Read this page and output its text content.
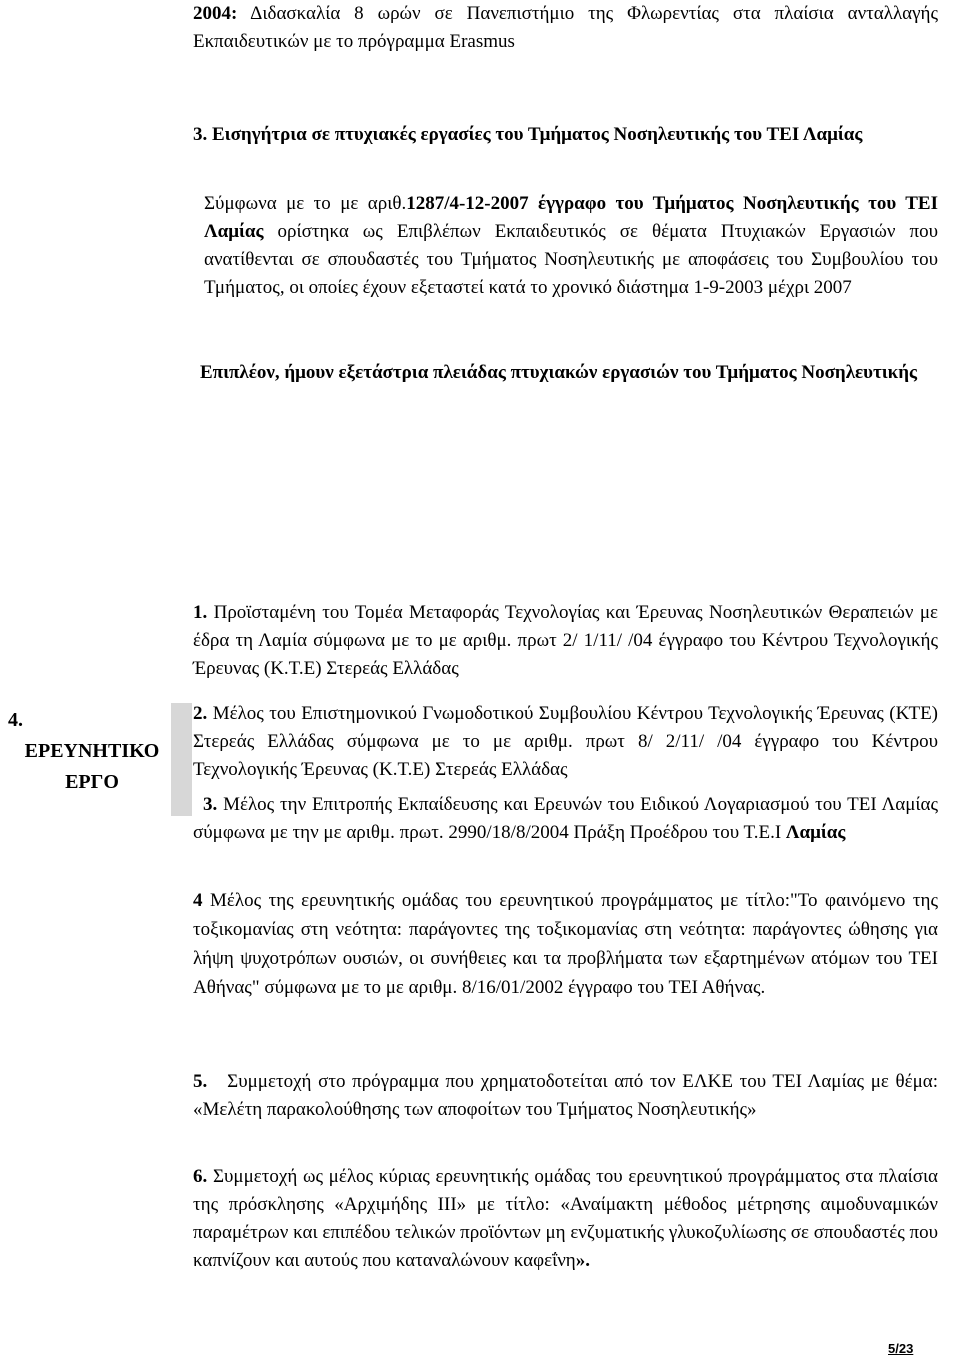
2004: Διδασκαλία 8 ωρών σε Πανεπιστήμιο της Φλωρεντίας στα πλαίσια ανταλλαγής Εκπαιδευτικών με το πρόγραμμα Erasmus
3. Εισηγήτρια σε πτυχιακές εργασίες του Τμήματος Νοσηλευτικής του ΤΕΙ Λαμίας
Σύμφωνα με το με αριθ.1287/4-12-2007 έγγραφο του Τμήματος Νοσηλευτικής του ΤΕΙ Λαμίας ορίστηκα ως Επιβλέπων Εκπαιδευτικός σε θέματα Πτυχιακών Εργασιών που ανατίθενται σε σπουδαστές του Τμήματος Νοσηλευτικής με αποφάσεις του Συμβουλίου του Τμήματος, οι οποίες έχουν εξεταστεί κατά το χρονικό διάστημα 1-9-2003 μέχρι 2007
Επιπλέον, ήμουν εξετάστρια πλειάδας πτυχιακών εργασιών του Τμήματος Νοσηλευτικής
4.
ΕΡΕΥΝΗΤΙΚΟ ΕΡΓΟ
1. Προϊσταμένη του Τομέα Μεταφοράς Τεχνολογίας και Έρευνας Νοσηλευτικών Θεραπειών με έδρα τη Λαμία σύμφωνα με το με αριθμ. πρωτ 2/ 1/11/ /04 έγγραφο του Κέντρου Τεχνολογικής Έρευνας (Κ.Τ.Ε) Στερεάς Ελλάδας
2. Μέλος του Επιστημονικού Γνωμοδοτικού Συμβουλίου Κέντρου Τεχνολογικής Έρευνας (ΚΤΕ) Στερεάς Ελλάδας σύμφωνα με το με αριθμ. πρωτ 8/ 2/11/ /04 έγγραφο του Κέντρου Τεχνολογικής Έρευνας (Κ.Τ.Ε) Στερεάς Ελλάδας
3. Μέλος την Επιτροπής Εκπαίδευσης και Ερευνών του Ειδικού Λογαριασμού του ΤΕΙ Λαμίας σύμφωνα με την με αριθμ. πρωτ. 2990/18/8/2004 Πράξη Προέδρου του Τ.Ε.Ι Λαμίας
4 Μέλος της ερευνητικής ομάδας του ερευνητικού προγράμματος με τίτλο:"Το φαινόμενο της τοξικομανίας στη νεότητα: παράγοντες της τοξικομανίας στη νεότητα: παράγοντες ώθησης για λήψη ψυχοτρόπων ουσιών, οι συνήθειες και τα προβλήματα των εξαρτημένων ατόμων του ΤΕΙ Αθήνας" σύμφωνα με το με αριθμ. 8/16/01/2002 έγγραφο του ΤΕΙ Αθήνας.
5. Συμμετοχή στο πρόγραμμα που χρηματοδοτείται από τον ΕΛΚΕ του ΤΕΙ Λαμίας με θέμα: «Μελέτη παρακολούθησης των αποφοίτων του Τμήματος Νοσηλευτικής»
6. Συμμετοχή ως μέλος κύριας ερευνητικής ομάδας του ερευνητικού προγράμματος στα πλαίσια της πρόσκλησης «Αρχιμήδης ΙΙΙ» με τίτλο: «Αναίμακτη μέθοδος μέτρησης αιμοδυναμικών παραμέτρων και επιπέδου τελικών προϊόντων μη ενζυματικής γλυκοζυλίωσης σε σπουδαστές που καπνίζουν και αυτούς που καταναλώνουν καφεΐνη».
5/23
